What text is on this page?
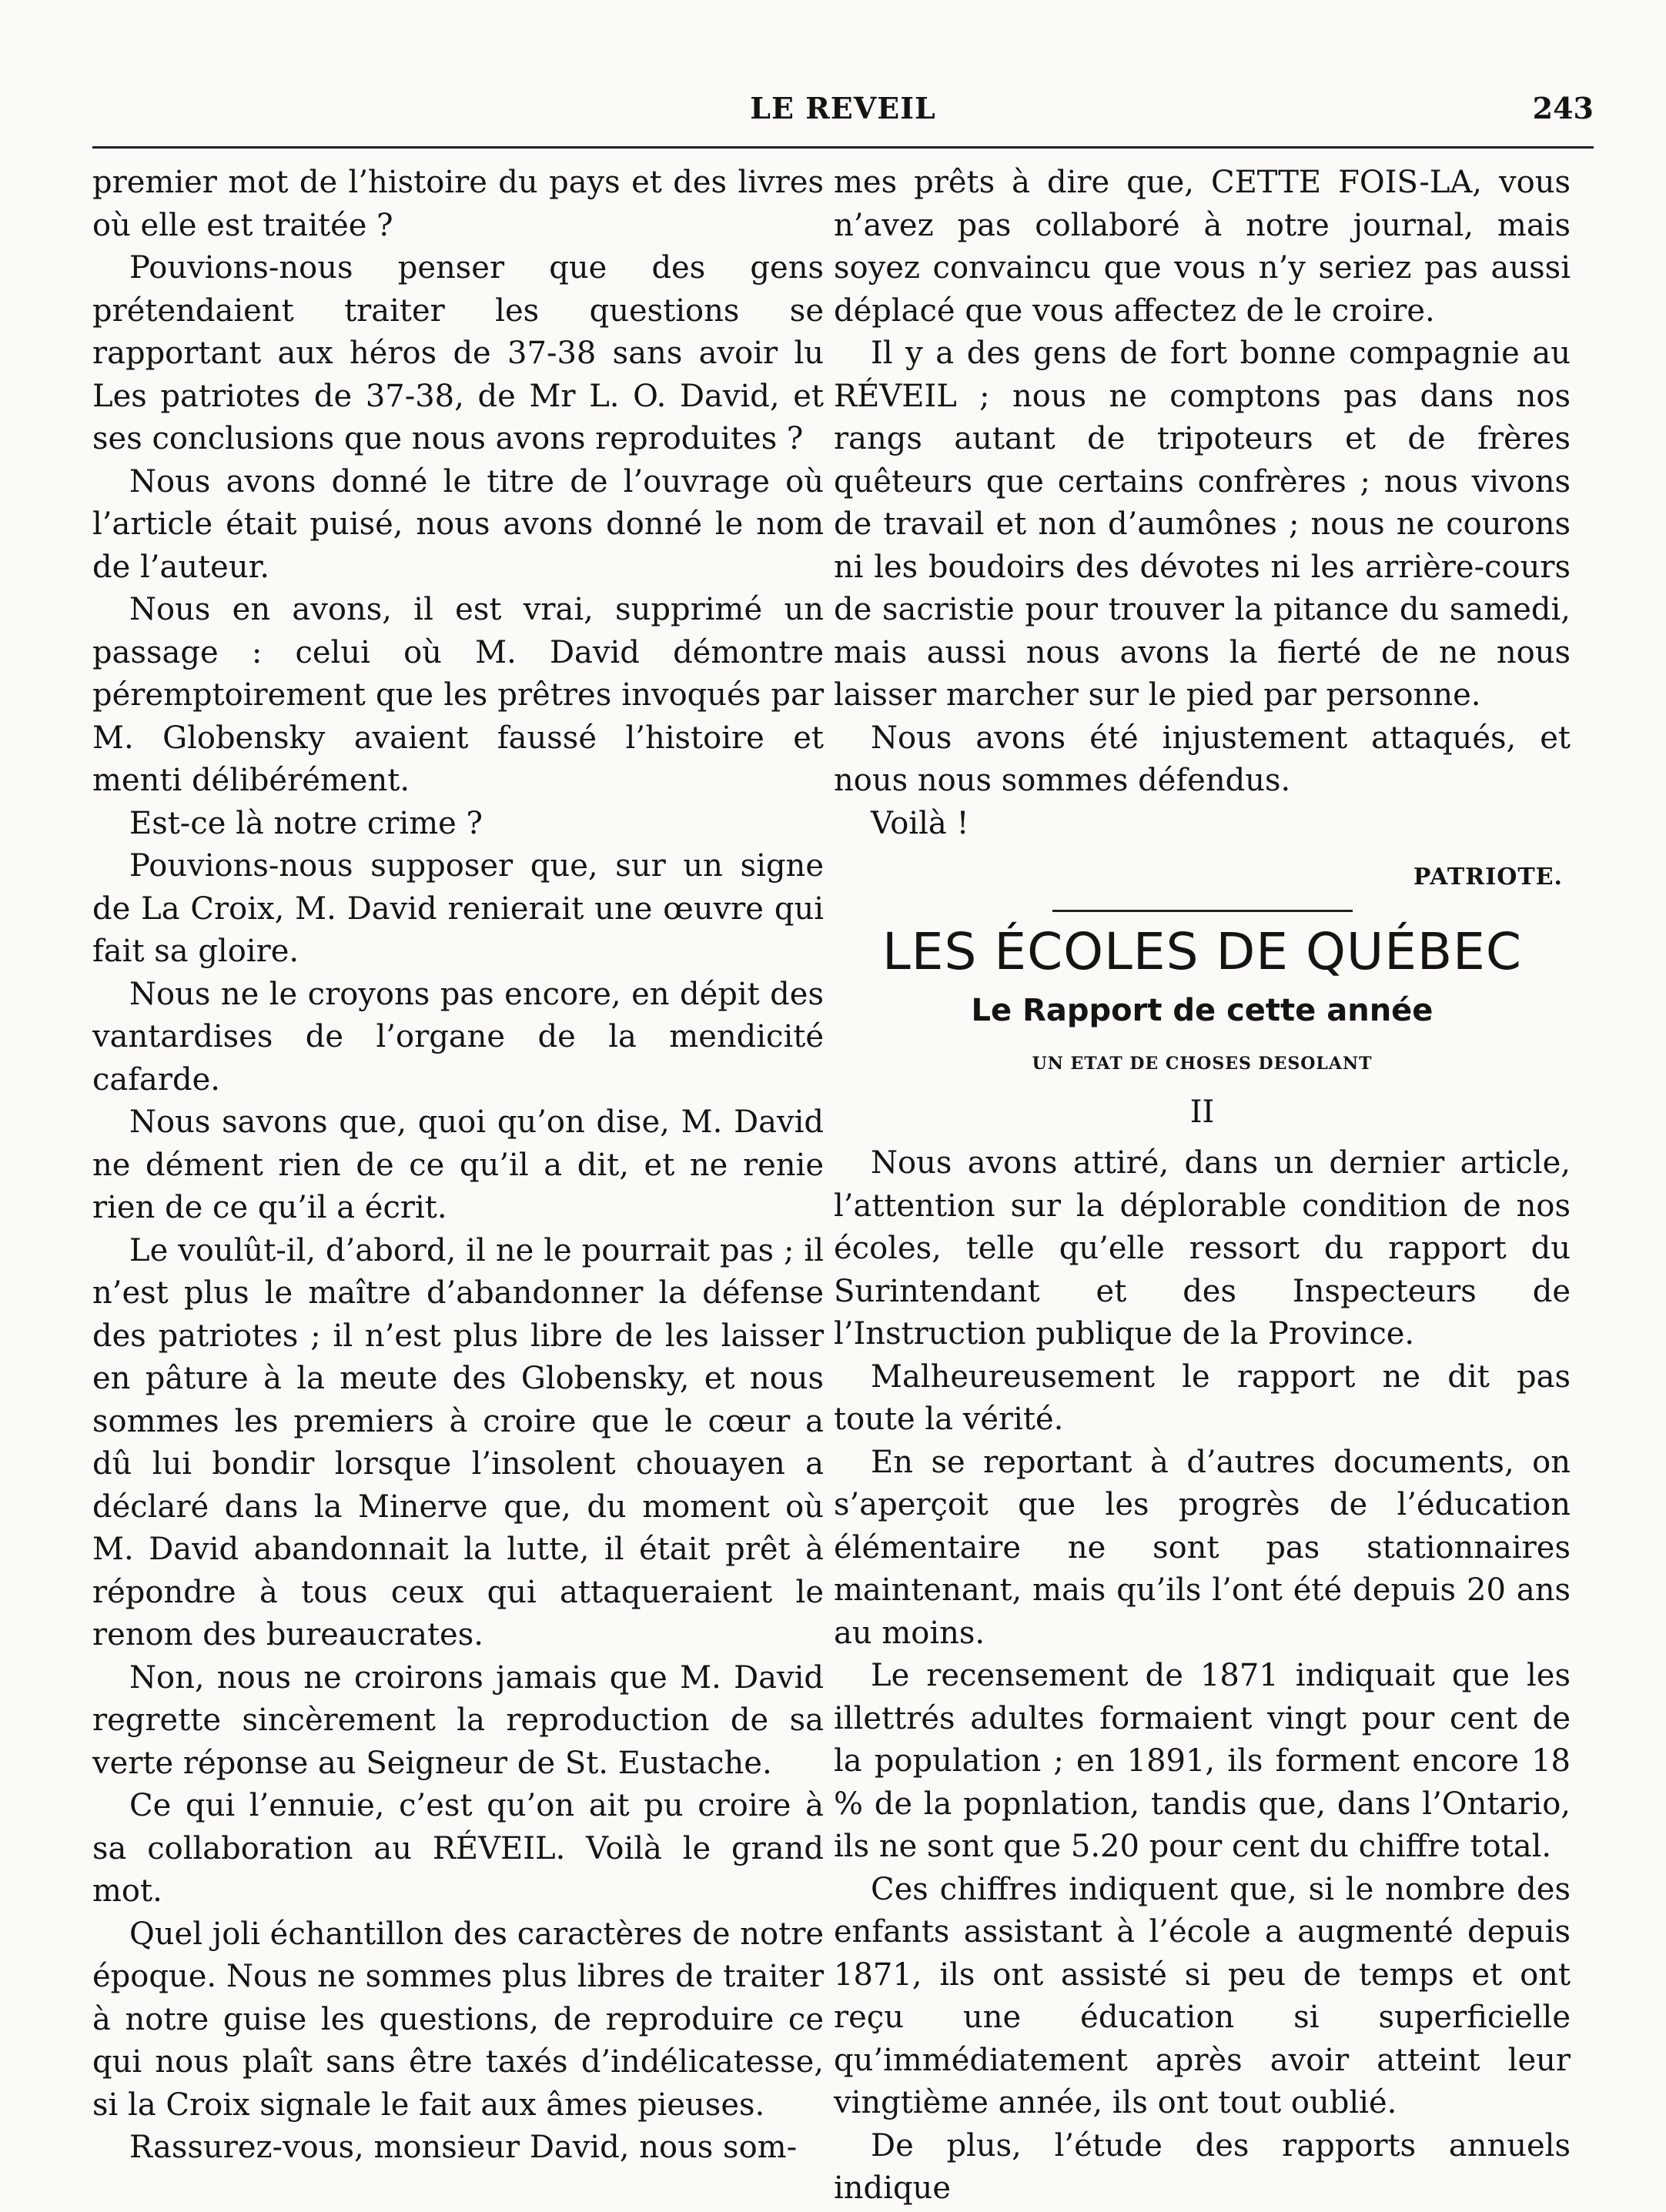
LE REVEIL	243

premier mot de l’histoire du pays et des livres où elle est traitée ?

Pouvions-nous penser que des gens prétendaient traiter les questions se rapportant aux héros de 37-38 sans avoir lu Les patriotes de 37-38, de Mr L. O. David, et ses conclusions que nous avons reproduites ?

Nous avons donné le titre de l’ouvrage où l’article était puisé, nous avons donné le nom de l’auteur.

Nous en avons, il est vrai, supprimé un passage : celui où M. David démontre péremptoirement que les prêtres invoqués par M. Globensky avaient faussé l’histoire et menti délibérément.

Est-ce là notre crime ?

Pouvions-nous supposer que, sur un signe de La Croix, M. David renierait une œuvre qui fait sa gloire.

Nous ne le croyons pas encore, en dépit des vantardises de l’organe de la mendicité cafarde.

Nous savons que, quoi qu’on dise, M. David ne dément rien de ce qu’il a dit, et ne renie rien de ce qu’il a écrit.

Le voulût-il, d’abord, il ne le pourrait pas ; il n’est plus le maître d’abandonner la défense des patriotes ; il n’est plus libre de les laisser en pâture à la meute des Globensky, et nous sommes les premiers à croire que le cœur a dû lui bondir lorsque l’insolent chouayen a déclaré dans la Minerve que, du moment où M. David abandonnait la lutte, il était prêt à répondre à tous ceux qui attaqueraient le renom des bureaucrates.

Non, nous ne croirons jamais que M. David regrette sincèrement la reproduction de sa verte réponse au Seigneur de St. Eustache.

Ce qui l’ennuie, c’est qu’on ait pu croire à sa collaboration au RÉVEIL. Voilà le grand mot.

Quel joli échantillon des caractères de notre époque. Nous ne sommes plus libres de traiter à notre guise les questions, de reproduire ce qui nous plaît sans être taxés d’indélicatesse, si la Croix signale le fait aux âmes pieuses.

Rassurez-vous, monsieur David, nous som-

mes prêts à dire que, CETTE FOIS-LA, vous n’avez pas collaboré à notre journal, mais soyez convaincu que vous n’y seriez pas aussi déplacé que vous affectez de le croire.

Il y a des gens de fort bonne compagnie au RÉVEIL ; nous ne comptons pas dans nos rangs autant de tripoteurs et de frères quêteurs que certains confrères ; nous vivons de travail et non d’aumônes ; nous ne courons ni les boudoirs des dévotes ni les arrière-cours de sacristie pour trouver la pitance du samedi, mais aussi nous avons la fierté de ne nous laisser marcher sur le pied par personne.

Nous avons été injustement attaqués, et nous nous sommes défendus.

Voilà !

PATRIOTE.
LES ÉCOLES DE QUÉBEC
Le Rapport de cette année
UN ETAT DE CHOSES DESOLANT
II

Nous avons attiré, dans un dernier article, l’attention sur la déplorable condition de nos écoles, telle qu’elle ressort du rapport du Surintendant et des Inspecteurs de l’Instruction publique de la Province.

Malheureusement le rapport ne dit pas toute la vérité.

En se reportant à d’autres documents, on s’aperçoit que les progrès de l’éducation élémentaire ne sont pas stationnaires maintenant, mais qu’ils l’ont été depuis 20 ans au moins.

Le recensement de 1871 indiquait que les illettrés adultes formaient vingt pour cent de la population ; en 1891, ils forment encore 18 % de la popnlation, tandis que, dans l’Ontario, ils ne sont que 5.20 pour cent du chiffre total.

Ces chiffres indiquent que, si le nombre des enfants assistant à l’école a augmenté depuis 1871, ils ont assisté si peu de temps et ont reçu une éducation si superficielle qu’immédiatement après avoir atteint leur vingtième année, ils ont tout oublié.

De plus, l’étude des rapports annuels indique
